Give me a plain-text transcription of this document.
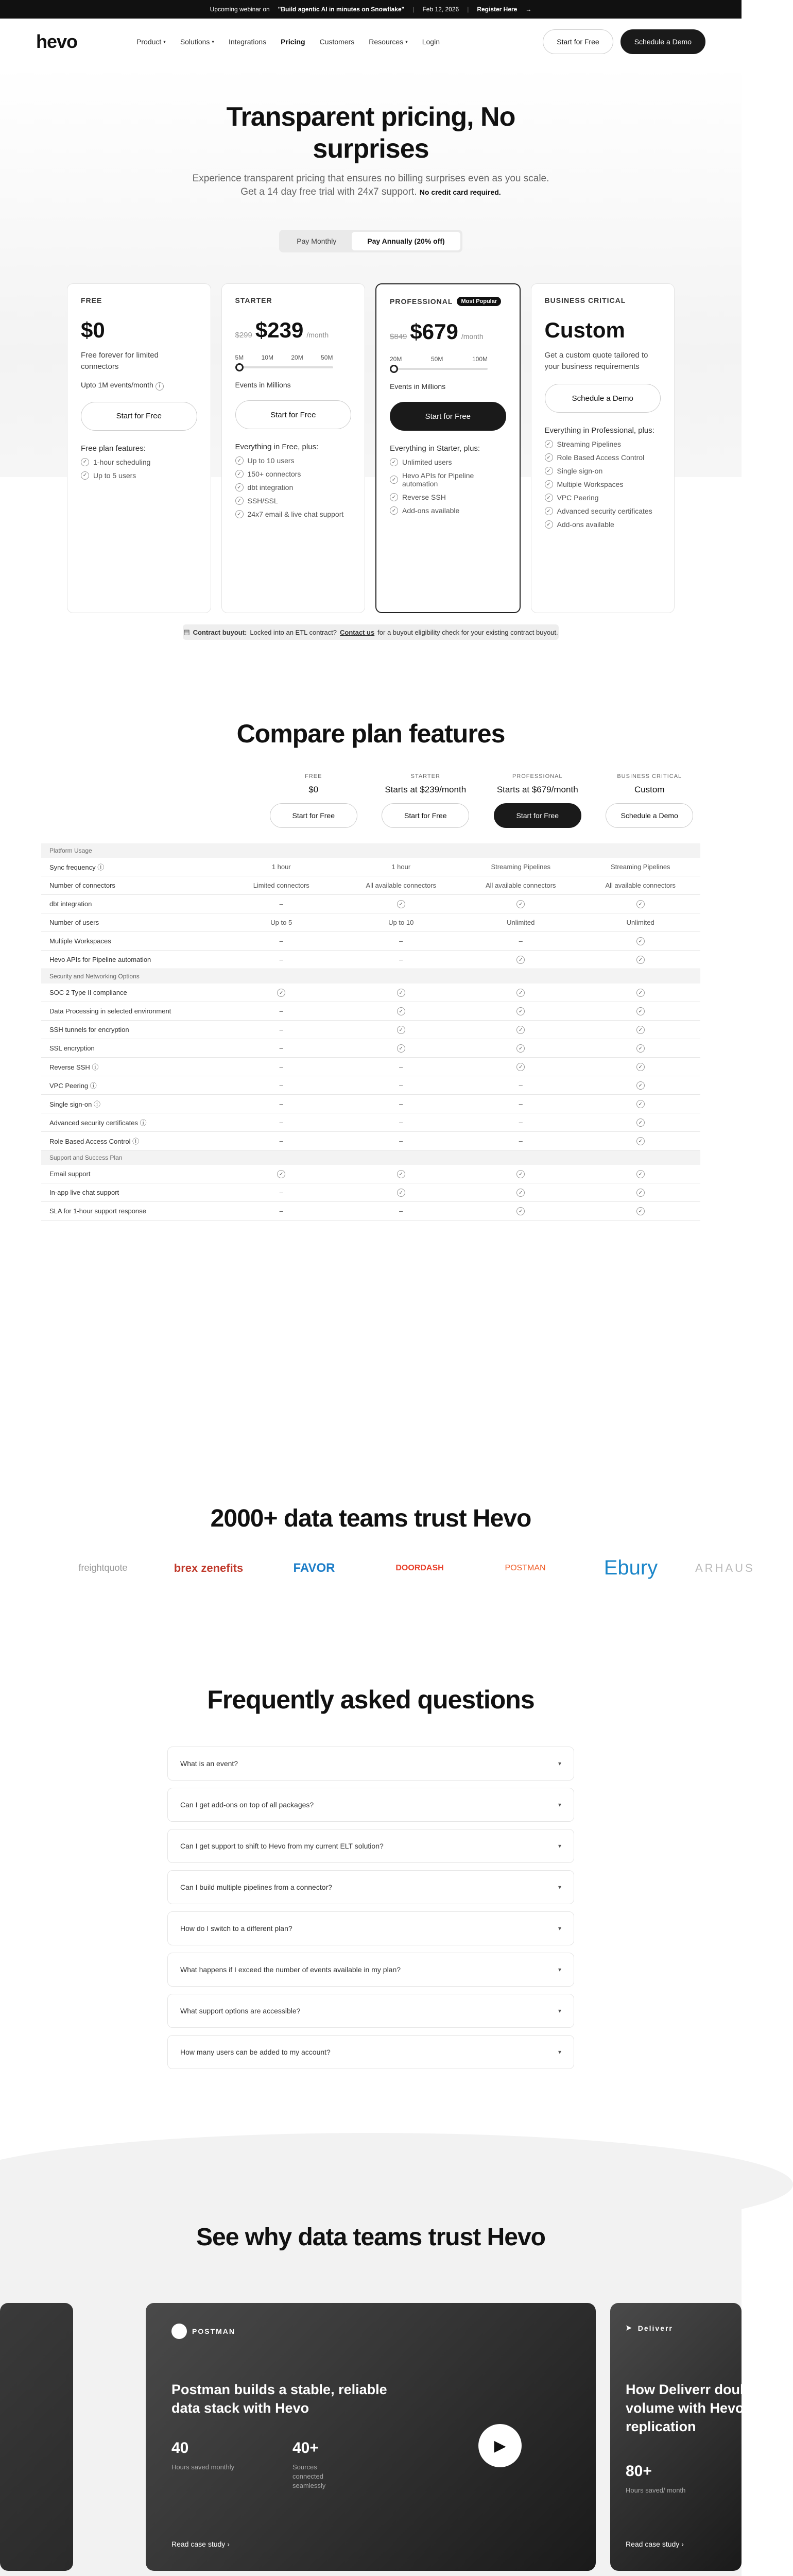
Upcoming webinar on "Build agentic AI in minutes on Snowflake" | Feb 12, 2026 | Register Here →
hevo	Product ▾ Solutions ▾ Integrations Pricing Customers Resources ▾ Login	Start for Free	Schedule a Demo
Transparent pricing, No surprises

Experience transparent pricing that ensures no billing surprises even as you scale.
Get a 14 day free trial with 24x7 support. No credit card required.

Pay Monthly	Pay Annually (20% off)
FREE
$0
Free forever for limited connectors
Upto 1M events/month i
Start for Free
Free plan features:
✓ 1-hour scheduling
✓ Up to 5 users
STARTER
$299 $239 /month
5M	10M	20M	50M
Events in Millions
Start for Free
Everything in Free, plus:
✓ Up to 10 users
✓ 150+ connectors
✓ dbt integration
✓ SSH/SSL
✓ 24x7 email & live chat support
PROFESSIONAL	Most Popular
$849 $679 /month
20M	50M	100M
Events in Millions
Start for Free
Everything in Starter, plus:
✓ Unlimited users
✓ Hevo APIs for Pipeline automation
✓ Reverse SSH
✓ Add-ons available
BUSINESS CRITICAL
Custom
Get a custom quote tailored to your business requirements
Schedule a Demo
Everything in Professional, plus:
✓ Streaming Pipelines
✓ Role Based Access Control
✓ Single sign-on
✓ Multiple Workspaces
✓ VPC Peering
✓ Advanced security certificates
✓ Add-ons available
▤ Contract buyout: Locked into an ETL contract? Contact us for a buyout eligibility check for your existing contract buyout.
Compare plan features
FREE
$0
Start for Free
STARTER
Starts at $239/month
Start for Free
PROFESSIONAL
Starts at $679/month
Start for Free
BUSINESS CRITICAL
Custom
Schedule a Demo
Platform Usage
Sync frequency ⓘ	1 hour	1 hour	Streaming Pipelines	Streaming Pipelines
Number of connectors	Limited connectors	All available connectors	All available connectors	All available connectors
dbt integration	–	✓	✓	✓
Number of users	Up to 5	Up to 10	Unlimited	Unlimited
Multiple Workspaces	–	–	–	✓
Hevo APIs for Pipeline automation	–	–	✓	✓
Security and Networking Options
SOC 2 Type II compliance	✓	✓	✓	✓
Data Processing in selected environment	–	✓	✓	✓
SSH tunnels for encryption	–	✓	✓	✓
SSL encryption	–	✓	✓	✓
Reverse SSH ⓘ	–	–	✓	✓
VPC Peering ⓘ	–	–	–	✓
Single sign-on ⓘ	–	–	–	✓
Advanced security certificates ⓘ	–	–	–	✓
Role Based Access Control ⓘ	–	–	–	✓
Support and Success Plan
Email support	✓	✓	✓	✓
In-app live chat support	–	✓	✓	✓
SLA for 1-hour support response	–	–	✓	✓
2000+ data teams trust Hevo
freightquote	brex zenefits	FAVOR	DOORDASH	POSTMAN	Ebury	ARHAUS
Frequently asked questions
What is an event?	▾
Can I get add-ons on top of all packages?	▾
Can I get support to shift to Hevo from my current ELT solution?	▾
Can I build multiple pipelines from a connector?	▾
How do I switch to a different plan?	▾
What happens if I exceed the number of events available in my plan?	▾
What support options are accessible?	▾
How many users can be added to my account?	▾
See why data teams trust Hevo
POSTMAN
Postman builds a stable, reliable data stack with Hevo
40
Hours saved monthly
40+
Sources connected seamlessly
Read case study ›
▶
➤ Deliverr
How Deliverr doubled volume with Hevo replication
80+
Hours saved/ month
Read case study ›
